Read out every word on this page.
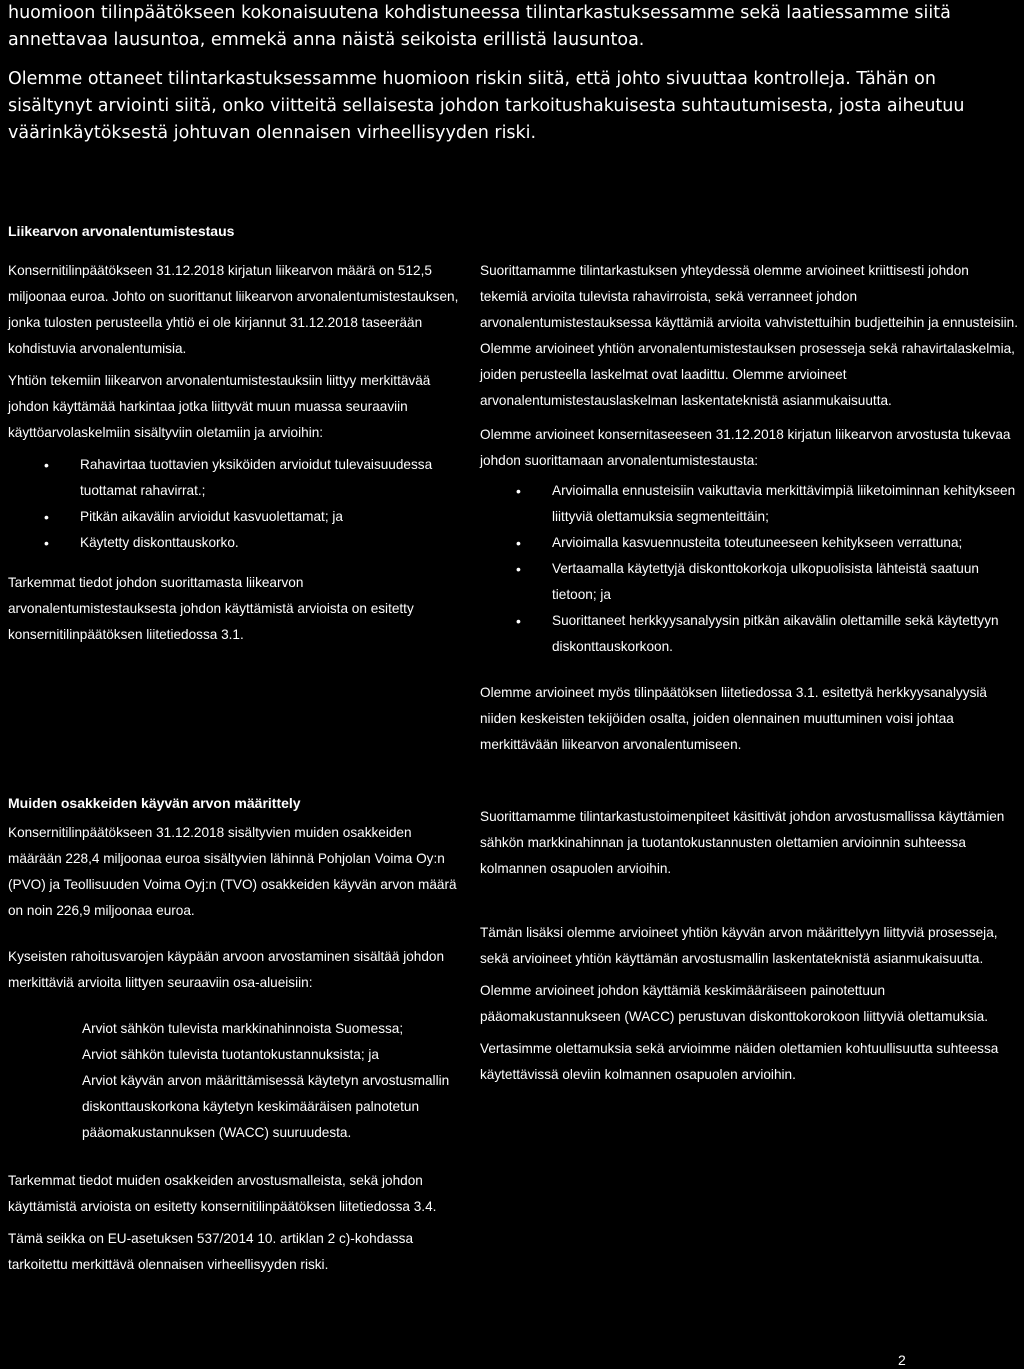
huomioon tilinpäätökseen kokonaisuutena kohdistuneessa tilintarkastuksessamme sekä laatiessamme siitä annettavaa lausuntoa, emmekä anna näistä seikoista erillistä lausuntoa.

Olemme ottaneet tilintarkastuksessamme huomioon riskin siitä, että johto sivuuttaa kontrolleja. Tähän on sisältynyt arviointi siitä, onko viitteitä sellaisesta johdon tarkoitushakuisesta suhtautumisesta, josta aiheutuu väärinkäytöksestä johtuvan olennaisen virheellisyyden riski.

Liikearvon arvonalentumistestaus

Konsernitilinpäätökseen 31.12.2018 kirjatun liikearvon määrä on 512,5 miljoonaa euroa. Johto on suorittanut liikearvon arvonalentumistestauksen, jonka tulosten perusteella yhtiö ei ole kirjannut 31.12.2018 taseerään kohdistuvia arvonalentumisia.

Yhtiön tekemiin liikearvon arvonalentumistestauksiin liittyy merkittävää johdon käyttämää harkintaa jotka liittyvät muun muassa seuraaviin käyttöarvolaskelmiin sisältyviin oletamiin ja arvioihin:

• Rahavirtaa tuottavien yksiköiden arvioidut tulevaisuudessa tuottamat rahavirrat.;
• Pitkän aikavälin arvioidut kasvuolettamat; ja
• Käytetty diskonttauskorko.

Tarkemmat tiedot johdon suorittamasta liikearvon arvonalentumistestauksesta johdon käyttämistä arvioista on esitetty konsernitilinpäätöksen liitetiedossa 3.1.

Suorittamamme tilintarkastuksen yhteydessä olemme arvioineet kriittisesti johdon tekemiä arvioita tulevista rahavirroista, sekä verranneet johdon arvonalentumistestauksessa käyttämiä arvioita vahvistettuihin budjetteihin ja ennusteisiin. Olemme arvioineet yhtiön arvonalentumistestauksen prosesseja sekä rahavirtalaskelmia, joiden perusteella laskelmat ovat laadittu. Olemme arvioineet arvonalentumistestauslaskelman laskentateknistä asianmukaisuutta.

Olemme arvioineet konsernitaseeseen 31.12.2018 kirjatun liikearvon arvostusta tukevaa johdon suorittamaan arvonalentumistestausta:

• Arvioimalla ennusteisiin vaikuttavia merkittävimpiä liiketoiminnan kehitykseen liittyviä olettamuksia segmenteittäin;
• Arvioimalla kasvuennusteita toteutuneeseen kehitykseen verrattuna;
• Vertaamalla käytettyjä diskonttokorkoja ulkopuolisista lähteistä saatuun tietoon; ja
• Suorittaneet herkkyysanalyysin pitkän aikavälin olettamille sekä käytettyyn diskonttauskorkoon.

Olemme arvioineet myös tilinpäätöksen liitetiedossa 3.1. esitettyä herkkyysanalyysiä niiden keskeisten tekijöiden osalta, joiden olennainen muuttuminen voisi johtaa merkittävään liikearvon arvonalentumiseen.

Muiden osakkeiden käyvän arvon määrittely

Konsernitilinpäätökseen 31.12.2018 sisältyvien muiden osakkeiden määrään 228,4 miljoonaa euroa sisältyvien lähinnä Pohjolan Voima Oy:n (PVO) ja Teollisuuden Voima Oyj:n (TVO) osakkeiden käyvän arvon määrä on noin 226,9 miljoonaa euroa.

Kyseisten rahoitusvarojen käypään arvoon arvostaminen sisältää johdon merkittäviä arvioita liittyen seuraaviin osa-alueisiin:

Arviot sähkön tulevista markkinahinnoista Suomessa;
Arviot sähkön tulevista tuotantokustannuksista; ja
Arviot käyvän arvon määrittämisessä käytetyn arvostusmallin diskonttauskorkona käytetyn keskimääräisen palnotetun pääomakustannuksen (WACC) suuruudesta.

Tarkemmat tiedot muiden osakkeiden arvostusmalleista, sekä johdon käyttämistä arvioista on esitetty konsernitilinpäätöksen liitetiedossa 3.4.

Tämä seikka on EU-asetuksen 537/2014 10. artiklan 2 c)-kohdassa tarkoitettu merkittävä olennaisen virheellisyyden riski.

Suorittamamme tilintarkastustoimenpiteet käsittivät johdon arvostusmallissa käyttämien sähkön markkinahinnan ja tuotantokustannusten olettamien arvioinnin suhteessa kolmannen osapuolen arvioihin.

Tämän lisäksi olemme arvioineet yhtiön käyvän arvon määrittelyyn liittyviä prosesseja, sekä arvioineet yhtiön käyttämän arvostusmallin laskentateknistä asianmukaisuutta.

Olemme arvioineet johdon käyttämiä keskimääräiseen painotettuun pääomakustannukseen (WACC) perustuvan diskonttokorokoon liittyviä olettamuksia.

Vertasimme olettamuksia sekä arvioimme näiden olettamien kohtuullisuutta suhteessa käytettävissä oleviin kolmannen osapuolen arvioihin.

2
